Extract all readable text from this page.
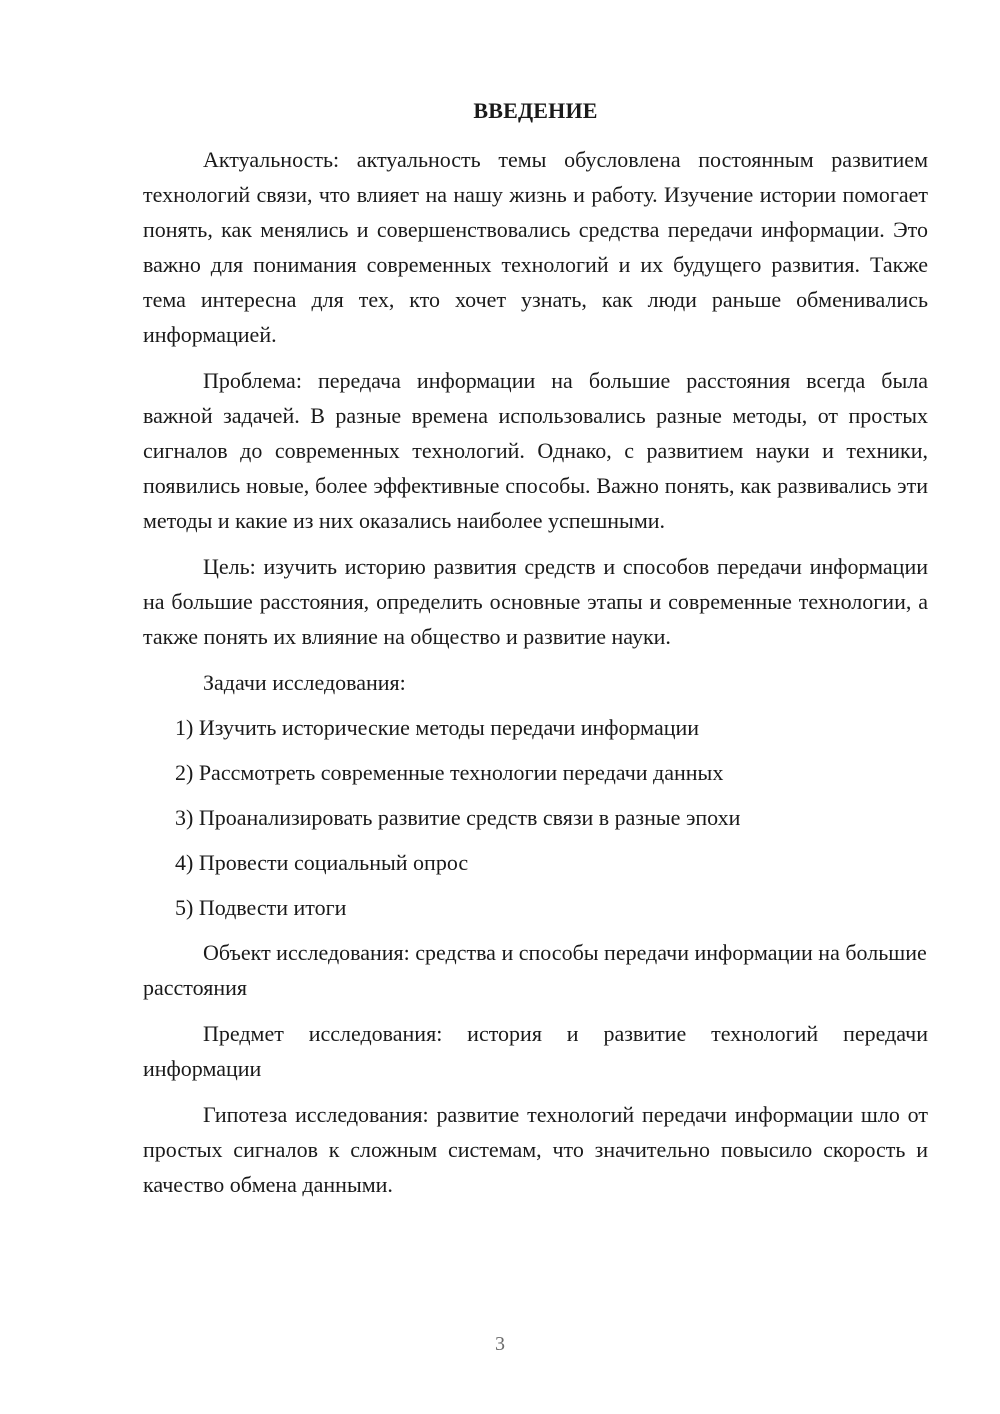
ВВЕДЕНИЕ

Актуальность: актуальность темы обусловлена постоянным развитием технологий связи, что влияет на нашу жизнь и работу. Изучение истории помогает понять, как менялись и совершенствовались средства передачи информации. Это важно для понимания современных технологий и их будущего развития. Также тема интересна для тех, кто хочет узнать, как люди раньше обменивались информацией.

Проблема: передача информации на большие расстояния всегда была важной задачей. В разные времена использовались разные методы, от простых сигналов до современных технологий. Однако, с развитием науки и техники, появились новые, более эффективные способы. Важно понять, как развивались эти методы и какие из них оказались наиболее успешными.

Цель: изучить историю развития средств и способов передачи информации на большие расстояния, определить основные этапы и современные технологии, а также понять их влияние на общество и развитие науки.

Задачи исследования:

1) Изучить исторические методы передачи информации
2) Рассмотреть современные технологии передачи данных
3) Проанализировать развитие средств связи в разные эпохи
4) Провести социальный опрос
5) Подвести итоги

Объект исследования: средства и способы передачи информации на большие расстояния

Предмет исследования: история и развитие технологий передачи информации

Гипотеза исследования: развитие технологий передачи информации шло от простых сигналов к сложным системам, что значительно повысило скорость и качество обмена данными.

3
